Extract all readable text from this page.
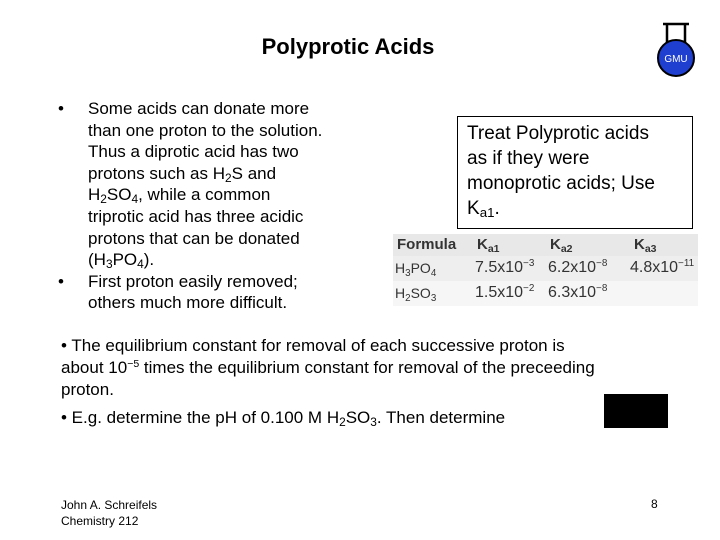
Polyprotic Acids
GMU
• Some acids can donate more
than one proton to the solution.
Thus a diprotic acid has two
protons such as $H_2S$ and
$H_2SO_4$, while a common
triprotic acid has three acidic
protons that can be donated
$(H_3PO_4)$.
• First proton easily removed;
others much more difficult.
Treat Polyprotic acids
as if they were
monoprotic acids; Use
$K_{a1}$.
Formula $K_{a1}$	$K_{a2}$	$K_{a3}$
$H_3PO_4$ $7.5x10^{-3}$ $6.2x10^{-8}$ $4.8x10^{-11}$
$H_2SO_3$ $1.5x10^{-2}$ $6.3x10^{-8}$
• The equilibrium constant for removal of each successive proton is
about $10^{-5}$ times the equilibrium constant for removal of the preceeding
proton.
• E.g. determine the pH of 0.100 M $H_2SO_3$. Then determine
John A. Schreifels
Chemistry 212
8
